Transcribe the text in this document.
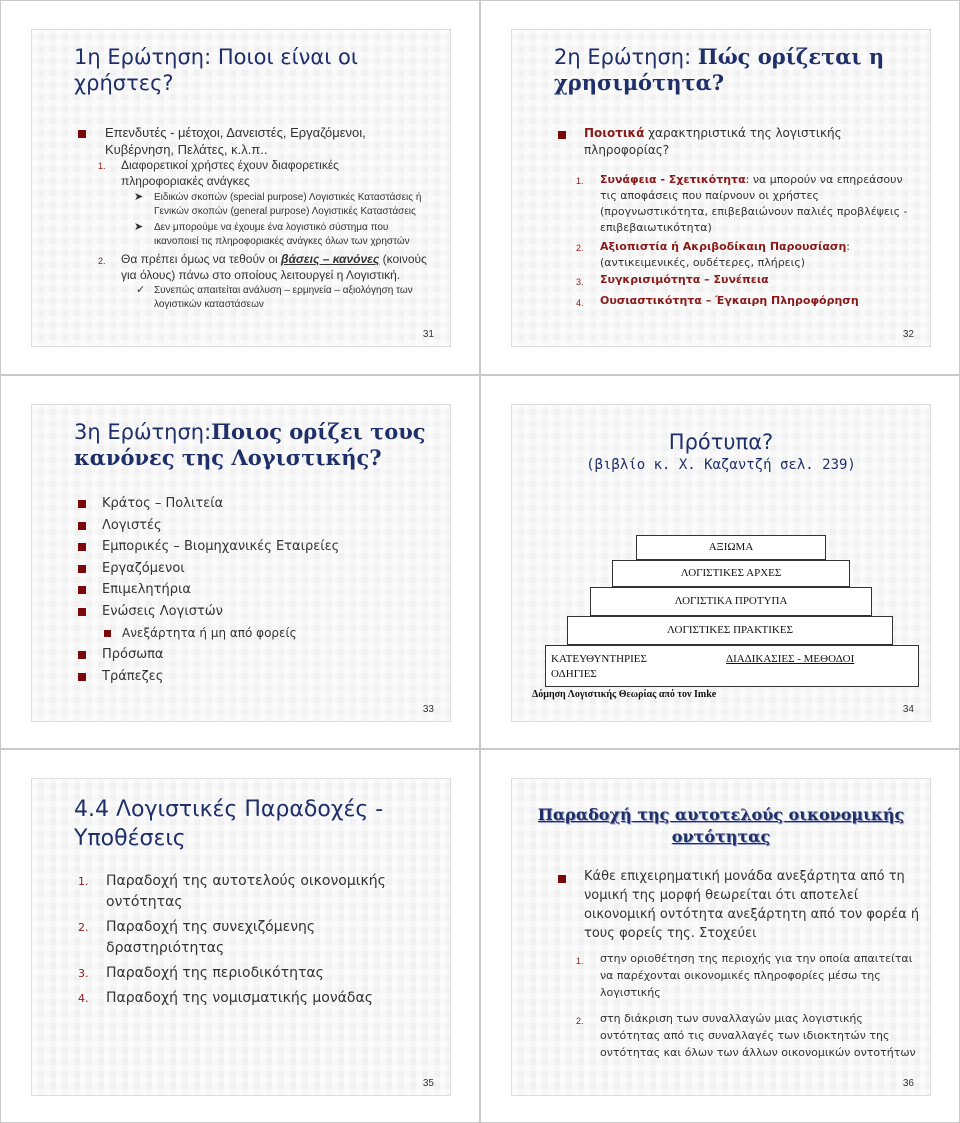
1η Ερώτηση: Ποιοι είναι οι
χρήστες?
Επενδυτές - μέτοχοι, Δανειστές, Εργαζόμενοι,
Κυβέρνηση, Πελάτες, κ.λ.π..
1. Διαφορετικοί χρήστες έχουν διαφορετικές
πληροφοριακές ανάγκες
➤ Ειδικών σκοπών (special purpose) Λογιστικές Καταστάσεις ή
Γενικών σκοπών (general purpose) Λογιστικές Καταστάσεις
➤ Δεν μπορούμε να έχουμε ένα λογιστικό σύστημα που
ικανοποιεί τις πληροφοριακές ανάγκες όλων των χρηστών
2. Θα πρέπει όμως να τεθούν οι βάσεις – κανόνες (κοινούς
για όλους) πάνω στο οποίους λειτουργεί η Λογιστική.
✓ Συνεπώς απαιτείται ανάλυση – ερμηνεία – αξιολόγηση των
λογιστικών καταστάσεων
31
2η Ερώτηση: Πώς ορίζεται η
χρησιμότητα?
Ποιοτικά χαρακτηριστικά της λογιστικής
πληροφορίας?
1. Συνάφεια - Σχετικότητα: να μπορούν να επηρεάσουν
τις αποφάσεις που παίρνουν οι χρήστες
(προγνωστικότητα, επιβεβαιώνουν παλιές προβλέψεις -
επιβεβαιωτικότητα)
2. Αξιοπιστία ή Ακριβοδίκαιη Παρουσίαση:
(αντικειμενικές, ουδέτερες, πλήρεις)
3. Συγκρισιμότητα – Συνέπεια
4. Ουσιαστικότητα – Έγκαιρη Πληροφόρηση
32
3η Ερώτηση:Ποιος ορίζει τους
κανόνες της Λογιστικής?
Κράτος – Πολιτεία
Λογιστές
Εμπορικές – Βιομηχανικές Εταιρείες
Εργαζόμενοι
Επιμελητήρια
Ενώσεις Λογιστών
Ανεξάρτητα ή μη από φορείς
Πρόσωπα
Τράπεζες
33
Πρότυπα?
(βιβλίο κ. Χ. Καζαντζή σελ. 239)
ΑΞΙΩΜΑ
ΛΟΓΙΣΤΙΚΕΣ ΑΡΧΕΣ
ΛΟΓΙΣΤΙΚΑ ΠΡΟΤΥΠΑ
ΛΟΓΙΣΤΙΚΕΣ ΠΡΑΚΤΙΚΕΣ
ΚΑΤΕΥΘΥΝΤΗΡΙΕΣ
ΟΔΗΓΙΕΣ
ΔΙΑΔΙΚΑΣΙΕΣ - ΜΕΘΟΔΟΙ
Δόμηση Λογιστικής Θεωρίας από τον Imke
34
4.4 Λογιστικές Παραδοχές -
Υποθέσεις
1. Παραδοχή της αυτοτελούς οικονομικής
οντότητας
2. Παραδοχή της συνεχιζόμενης
δραστηριότητας
3. Παραδοχή της περιοδικότητας
4. Παραδοχή της νομισματικής μονάδας
35
Παραδοχή της αυτοτελούς οικονομικής
οντότητας
Κάθε επιχειρηματική μονάδα ανεξάρτητα από τη
νομική της μορφή θεωρείται ότι αποτελεί
οικονομική οντότητα ανεξάρτητη από τον φορέα ή
τους φορείς της. Στοχεύει
1. στην οριοθέτηση της περιοχής για την οποία απαιτείται
να παρέχονται οικονομικές πληροφορίες μέσω της
λογιστικής
2. στη διάκριση των συναλλαγών μιας λογιστικής
οντότητας από τις συναλλαγές των ιδιοκτητών της
οντότητας και όλων των άλλων οικονομικών οντοτήτων
36
